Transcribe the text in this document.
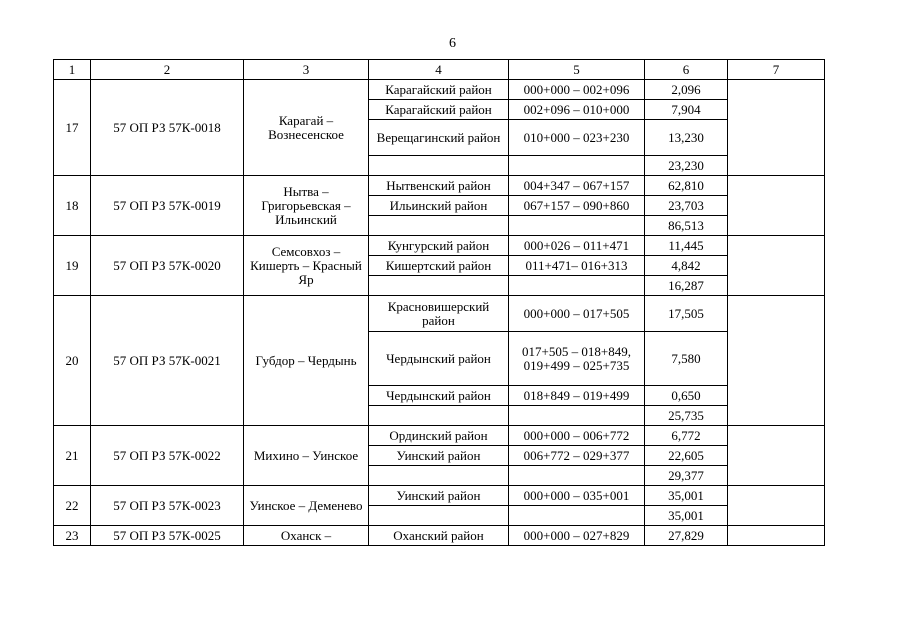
6
1	2	3	4	5	6	7
17	57 ОП РЗ 57К-0018	Карагай – Вознесенское	Карагайский район	000+000 – 002+096	2,096	
			Карагайский район	002+096 – 010+000	7,904	
			Верещагинский район	010+000 – 023+230	13,230	
					23,230	
18	57 ОП РЗ 57К-0019	Нытва – Григорьевская – Ильинский	Нытвенский район	004+347 – 067+157	62,810	
			Ильинский район	067+157 – 090+860	23,703	
					86,513	
19	57 ОП РЗ 57К-0020	Семсовхоз – Кишерть – Красный Яр	Кунгурский район	000+026 – 011+471	11,445	
			Кишертский район	011+471– 016+313	4,842	
					16,287	
20	57 ОП РЗ 57К-0021	Губдор – Чердынь	Красновишерский район	000+000 – 017+505	17,505	
			Чердынский район	017+505 – 018+849, 019+499 – 025+735	7,580	
			Чердынский район	018+849 – 019+499	0,650	
					25,735	
21	57 ОП РЗ 57К-0022	Михино – Уинское	Ординский район	000+000 – 006+772	6,772	
			Уинский район	006+772 – 029+377	22,605	
					29,377	
22	57 ОП РЗ 57К-0023	Уинское – Деменево	Уинский район	000+000 – 035+001	35,001	
					35,001	
23	57 ОП РЗ 57К-0025	Оханск –	Оханский район	000+000 – 027+829	27,829	
